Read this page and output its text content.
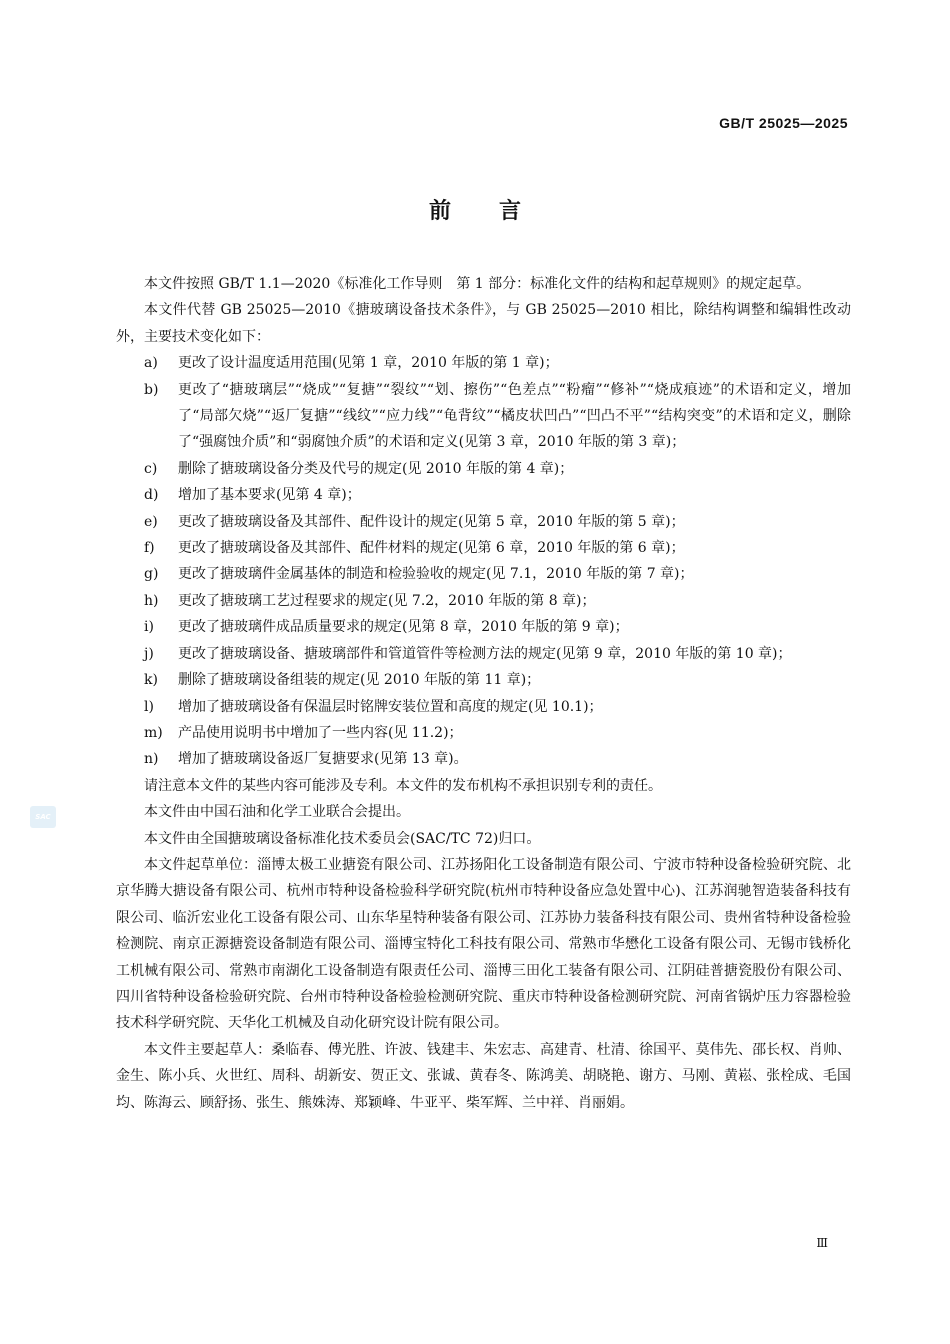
GB/T 25025—2025
前言

本文件按照 GB/T 1.1—2020《标准化工作导则　第 1 部分：标准化文件的结构和起草规则》的规定起草。

本文件代替 GB 25025—2010《搪玻璃设备技术条件》，与 GB 25025—2010 相比，除结构调整和编辑性改动外，主要技术变化如下：

a)	更改了设计温度适用范围(见第 1 章，2010 年版的第 1 章)；
b)	更改了“搪玻璃层”“烧成”“复搪”“裂纹”“划、擦伤”“色差点”“粉瘤”“修补”“烧成痕迹”的术语和定义，增加了“局部欠烧”“返厂复搪”“线纹”“应力线”“龟背纹”“橘皮状凹凸”“凹凸不平”“结构突变”的术语和定义，删除了“强腐蚀介质”和“弱腐蚀介质”的术语和定义(见第 3 章，2010 年版的第 3 章)；
c)	删除了搪玻璃设备分类及代号的规定(见 2010 年版的第 4 章)；
d)	增加了基本要求(见第 4 章)；
e)	更改了搪玻璃设备及其部件、配件设计的规定(见第 5 章，2010 年版的第 5 章)；
f)	更改了搪玻璃设备及其部件、配件材料的规定(见第 6 章，2010 年版的第 6 章)；
g)	更改了搪玻璃件金属基体的制造和检验验收的规定(见 7.1，2010 年版的第 7 章)；
h)	更改了搪玻璃工艺过程要求的规定(见 7.2，2010 年版的第 8 章)；
i)	更改了搪玻璃件成品质量要求的规定(见第 8 章，2010 年版的第 9 章)；
j)	更改了搪玻璃设备、搪玻璃部件和管道管件等检测方法的规定(见第 9 章，2010 年版的第 10 章)；
k)	删除了搪玻璃设备组装的规定(见 2010 年版的第 11 章)；
l)	增加了搪玻璃设备有保温层时铭牌安装位置和高度的规定(见 10.1)；
m)	产品使用说明书中增加了一些内容(见 11.2)；
n)	增加了搪玻璃设备返厂复搪要求(见第 13 章)。

请注意本文件的某些内容可能涉及专利。本文件的发布机构不承担识别专利的责任。

本文件由中国石油和化学工业联合会提出。

本文件由全国搪玻璃设备标准化技术委员会(SAC/TC 72)归口。

本文件起草单位：淄博太极工业搪瓷有限公司、江苏扬阳化工设备制造有限公司、宁波市特种设备检验研究院、北京华腾大搪设备有限公司、杭州市特种设备检验科学研究院(杭州市特种设备应急处置中心)、江苏润驰智造装备科技有限公司、临沂宏业化工设备有限公司、山东华星特种装备有限公司、江苏协力装备科技有限公司、贵州省特种设备检验检测院、南京正源搪瓷设备制造有限公司、淄博宝特化工科技有限公司、常熟市华懋化工设备有限公司、无锡市钱桥化工机械有限公司、常熟市南湖化工设备制造有限责任公司、淄博三田化工装备有限公司、江阴硅普搪瓷股份有限公司、四川省特种设备检验研究院、台州市特种设备检验检测研究院、重庆市特种设备检测研究院、河南省锅炉压力容器检验技术科学研究院、天华化工机械及自动化研究设计院有限公司。

本文件主要起草人：桑临春、傅光胜、许波、钱建丰、朱宏志、高建青、杜清、徐国平、莫伟先、邵长权、肖帅、金生、陈小兵、火世红、周科、胡新安、贺正文、张诚、黄春冬、陈鸿美、胡晓艳、谢方、马刚、黄崧、张栓成、毛国均、陈海云、顾舒扬、张生、熊姝涛、郑颖峰、牛亚平、柴军辉、兰中祥、肖丽娟。

SAC
Ⅲ
